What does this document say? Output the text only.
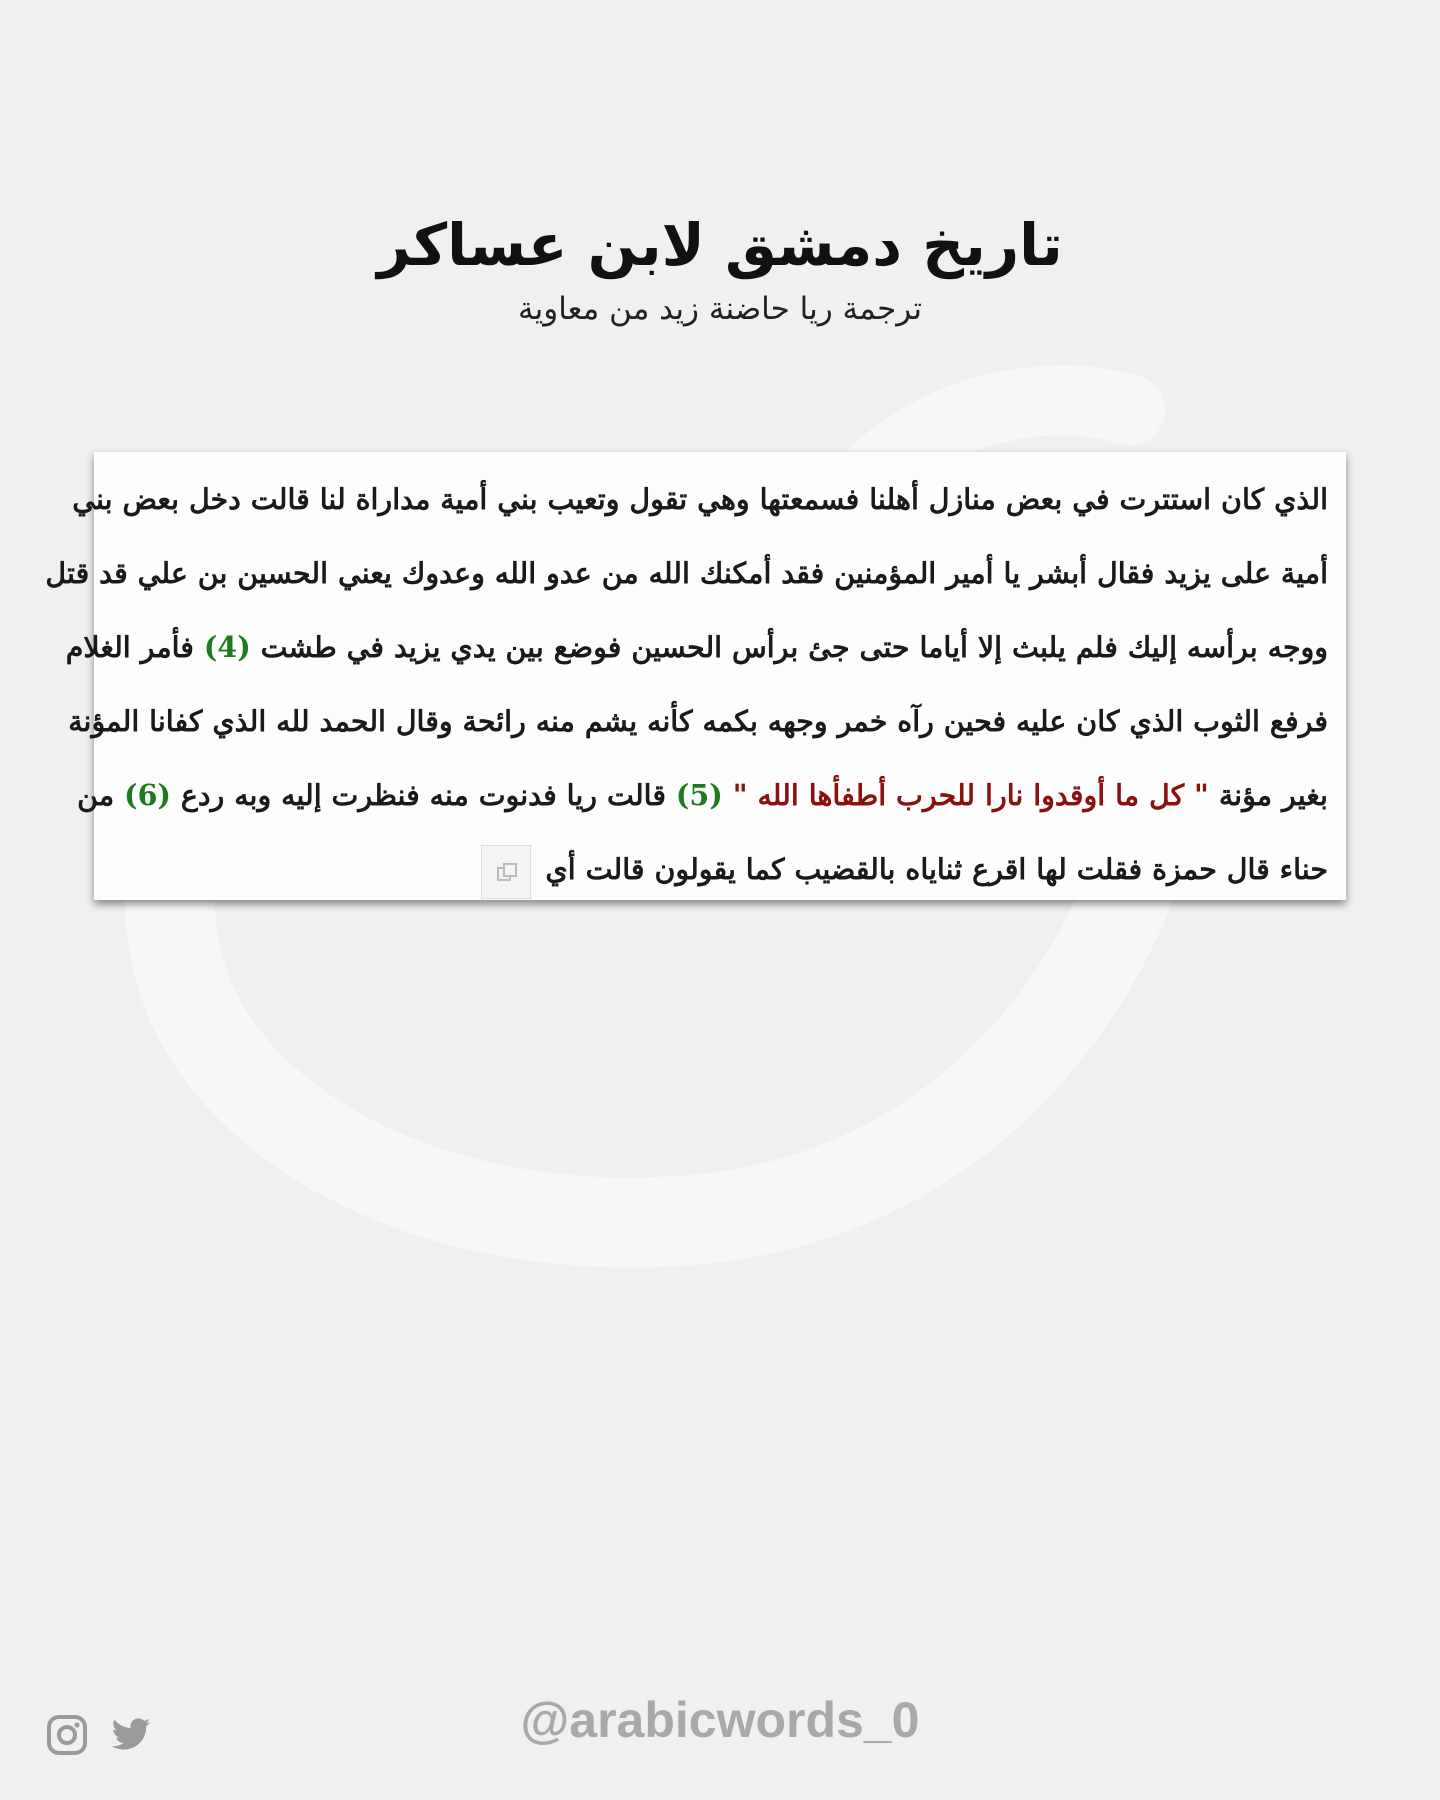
تاريخ دمشق لابن عساكر
ترجمة ريا حاضنة زيد من معاوية
الذي كان استترت في بعض منازل أهلنا فسمعتها وهي تقول وتعيب بني أمية مداراة لنا قالت دخل بعض بني
أمية على يزيد فقال أبشر يا أمير المؤمنين فقد أمكنك الله من عدو الله وعدوك يعني الحسين بن علي قد قتل
ووجه برأسه إليك فلم يلبث إلا أياما حتى جئ برأس الحسين فوضع بين يدي يزيد في طشت (4) فأمر الغلام
فرفع الثوب الذي كان عليه فحين رآه خمر وجهه بكمه كأنه يشم منه رائحة وقال الحمد لله الذي كفانا المؤنة
بغير مؤنة " كل ما أوقدوا نارا للحرب أطفأها الله " (5) قالت ريا فدنوت منه فنظرت إليه وبه ردع (6) من
حناء قال حمزة فقلت لها اقرع ثناياه بالقضيب كما يقولون قالت أي
@arabicwords_0
